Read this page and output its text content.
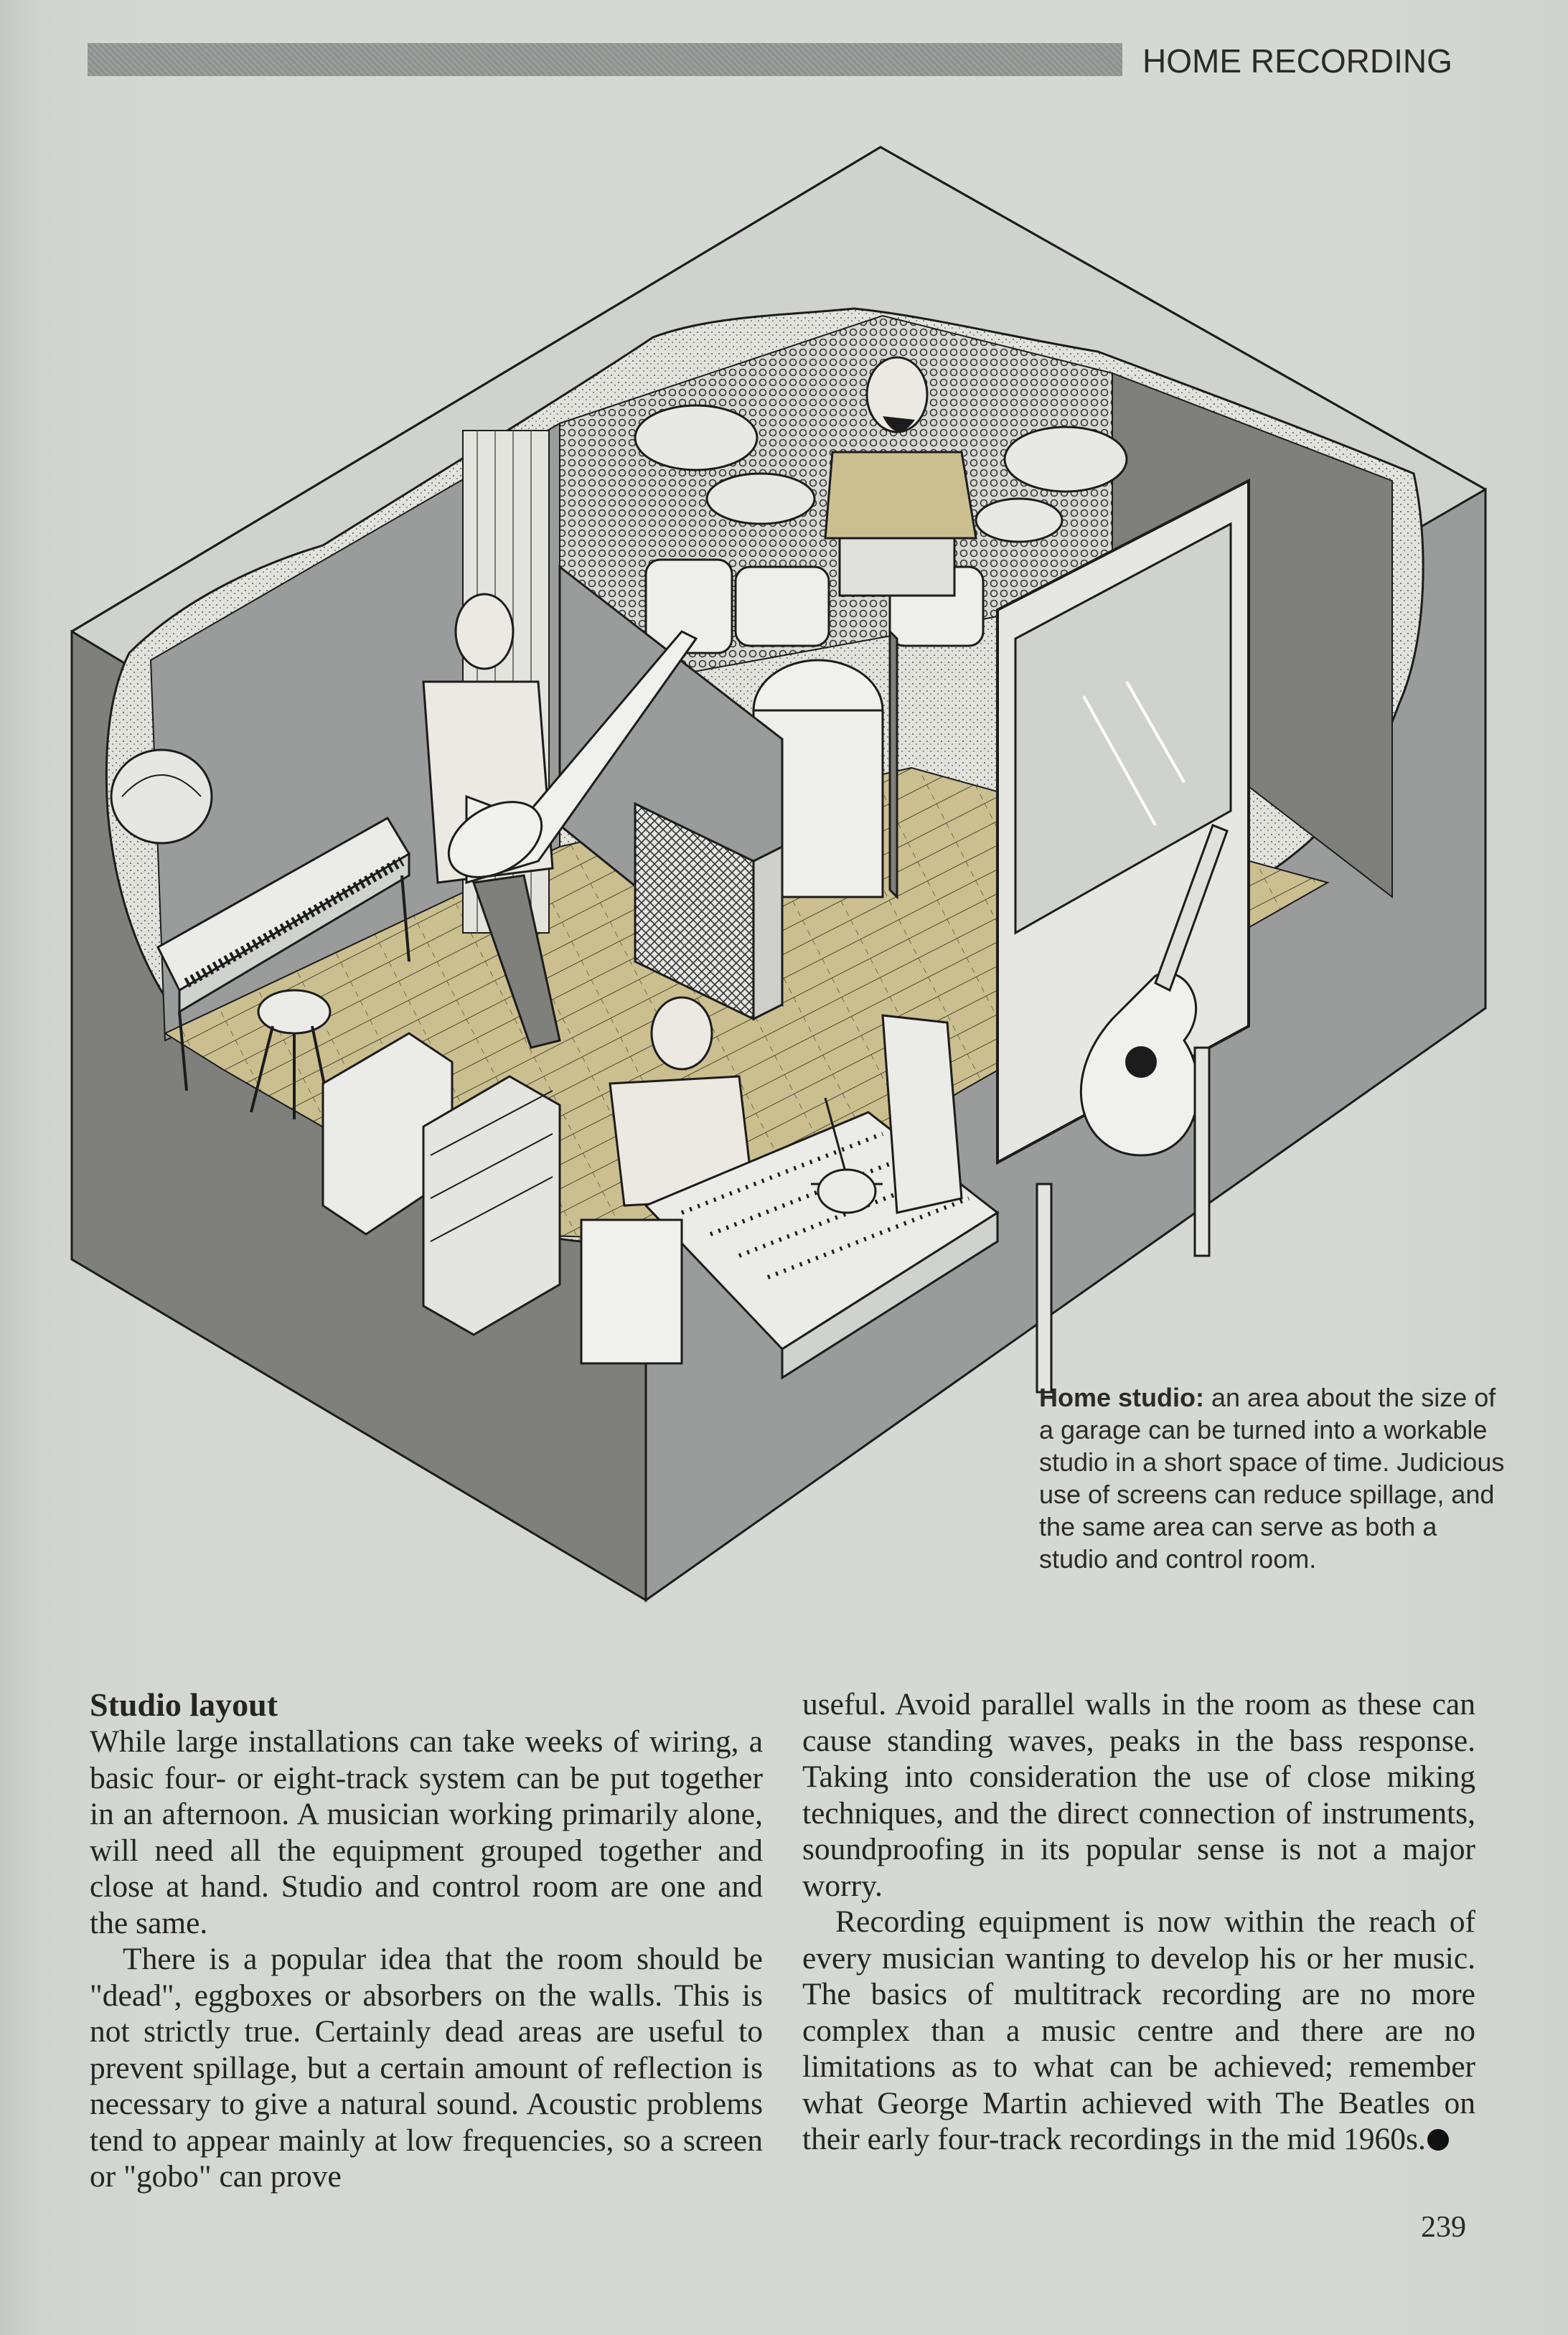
HOME RECORDING
Home studio: an area about the size of a garage can be turned into a workable studio in a short space of time. Judicious use of screens can reduce spillage, and the same area can serve as both a studio and control room.

Studio layout

While large installations can take weeks of wiring, a basic four- or eight-track system can be put together in an afternoon. A musician working primarily alone, will need all the equipment grouped together and close at hand. Studio and control room are one and the same.

There is a popular idea that the room should be "dead", eggboxes or absorbers on the walls. This is not strictly true. Certainly dead areas are useful to prevent spillage, but a certain amount of reflection is necessary to give a natural sound. Acoustic problems tend to appear mainly at low frequencies, so a screen or "gobo" can prove

useful. Avoid parallel walls in the room as these can cause standing waves, peaks in the bass response. Taking into consideration the use of close miking techniques, and the direct connection of instruments, soundproofing in its popular sense is not a major worry.

Recording equipment is now within the reach of every musician wanting to develop his or her music. The basics of multitrack recording are no more complex than a music centre and there are no limitations as to what can be achieved; remember what George Martin achieved with The Beatles on their early four-track recordings in the mid 1960s.

239
